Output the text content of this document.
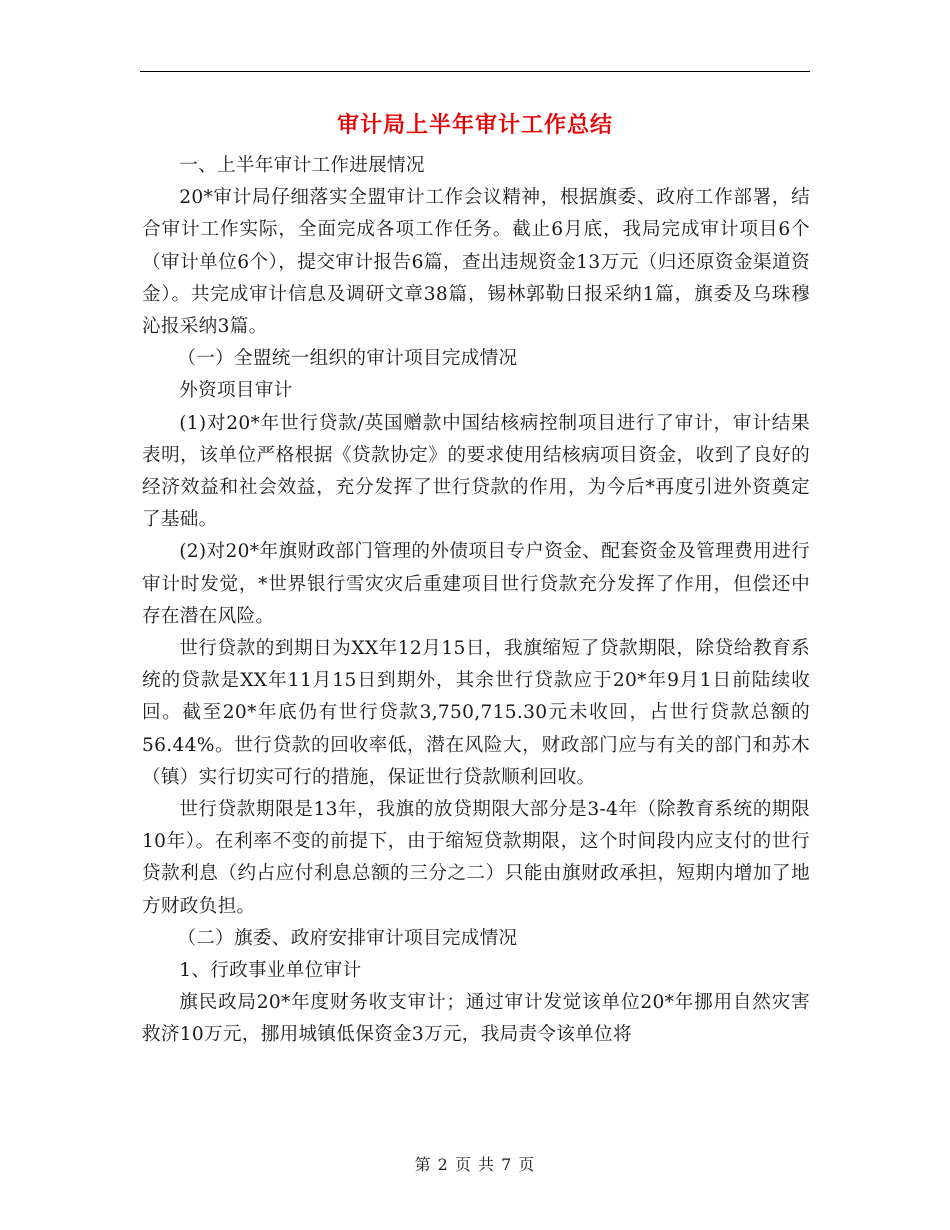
审计局上半年审计工作总结

一、上半年审计工作进展情况

20*审计局仔细落实全盟审计工作会议精神，根据旗委、政府工作部署，结合审计工作实际，全面完成各项工作任务。截止6月底，我局完成审计项目6个（审计单位6个），提交审计报告6篇，查出违规资金13万元（归还原资金渠道资金）。共完成审计信息及调研文章38篇，锡林郭勒日报采纳1篇，旗委及乌珠穆沁报采纳3篇。

（一）全盟统一组织的审计项目完成情况

外资项目审计

(1)对20*年世行贷款/英国赠款中国结核病控制项目进行了审计，审计结果表明，该单位严格根据《贷款协定》的要求使用结核病项目资金，收到了良好的经济效益和社会效益，充分发挥了世行贷款的作用，为今后*再度引进外资奠定了基础。

(2)对20*年旗财政部门管理的外债项目专户资金、配套资金及管理费用进行审计时发觉，*世界银行雪灾灾后重建项目世行贷款充分发挥了作用，但偿还中存在潜在风险。

世行贷款的到期日为XX年12月15日，我旗缩短了贷款期限，除贷给教育系统的贷款是XX年11月15日到期外，其余世行贷款应于20*年9月1日前陆续收回。截至20*年底仍有世行贷款3,750,715.30元未收回，占世行贷款总额的56.44%。世行贷款的回收率低，潜在风险大，财政部门应与有关的部门和苏木（镇）实行切实可行的措施，保证世行贷款顺利回收。

世行贷款期限是13年，我旗的放贷期限大部分是3-4年（除教育系统的期限10年）。在利率不变的前提下，由于缩短贷款期限，这个时间段内应支付的世行贷款利息（约占应付利息总额的三分之二）只能由旗财政承担，短期内增加了地方财政负担。

（二）旗委、政府安排审计项目完成情况

1、行政事业单位审计

旗民政局20*年度财务收支审计；通过审计发觉该单位20*年挪用自然灾害救济10万元，挪用城镇低保资金3万元，我局责令该单位将

第 2 页 共 7 页
